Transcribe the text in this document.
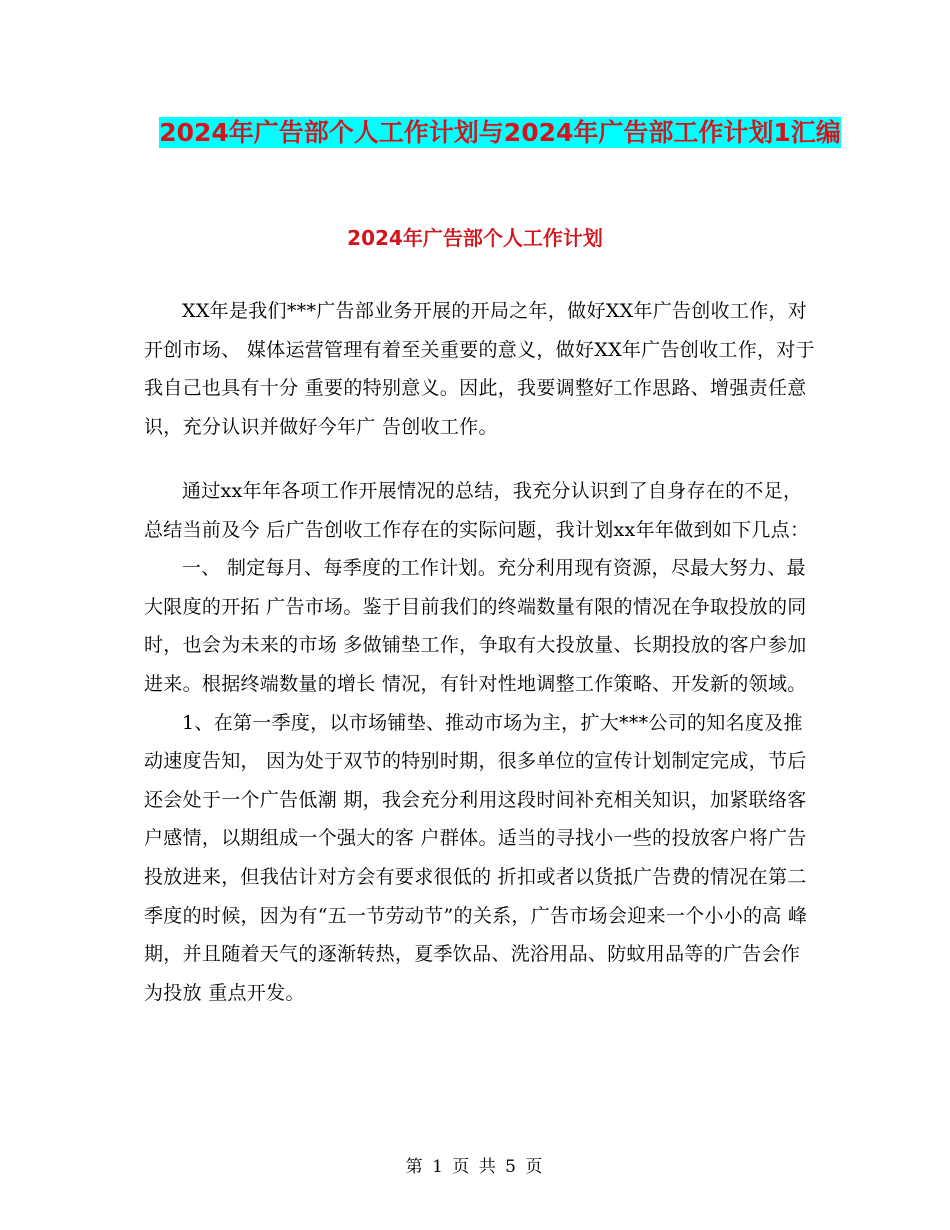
2024年广告部个人工作计划与2024年广告部工作计划1汇编
2024年广告部个人工作计划

XX年是我们***广告部业务开展的开局之年，做好XX年广告创收工作，对开创市场、 媒体运营管理有着至关重要的意义，做好XX年广告创收工作，对于我自己也具有十分 重要的特别意义。因此，我要调整好工作思路、增强责任意识，充分认识并做好今年广 告创收工作。

通过xx年年各项工作开展情况的总结，我充分认识到了自身存在的不足，总结当前及今 后广告创收工作存在的实际问题，我计划xx年年做到如下几点：

一、 制定每月、每季度的工作计划。充分利用现有资源，尽最大努力、最大限度的开拓 广告市场。鉴于目前我们的终端数量有限的情况在争取投放的同时，也会为未来的市场 多做铺垫工作，争取有大投放量、长期投放的客户参加进来。根据终端数量的增长 情况，有针对性地调整工作策略、开发新的领域。

1、在第一季度，以市场铺垫、推动市场为主，扩大***公司的知名度及推动速度告知， 因为处于双节的特别时期，很多单位的宣传计划制定完成，节后还会处于一个广告低潮 期，我会充分利用这段时间补充相关知识，加紧联络客户感情，以期组成一个强大的客 户群体。适当的寻找小一些的投放客户将广告投放进来，但我估计对方会有要求很低的 折扣或者以货抵广告费的情况在第二季度的时候，因为有“五一节劳动节”的关系，广告市场会迎来一个小小的高 峰期，并且随着天气的逐渐转热，夏季饮品、洗浴用品、防蚊用品等的广告会作为投放 重点开发。

第 1 页 共 5 页
